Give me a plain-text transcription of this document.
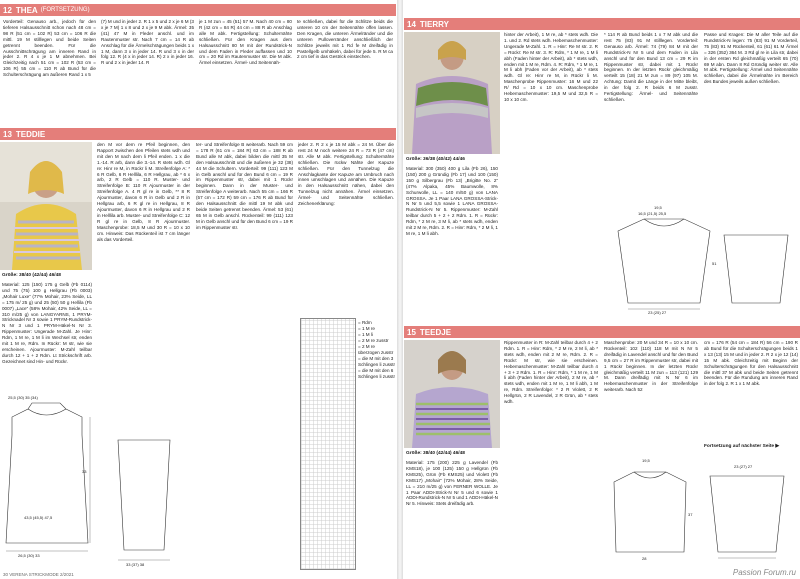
12 THEA (FORTSETZUNG)
Vorderteil: Genauso arb., jedoch für den tieferen Halsausschnitt schon nach 48 cm = 98 R (51 cm = 102 R) 53 cm = 106 R die mittl. 19 M stilllegen und beide Seiten getrennt beenden. Für die Ausschnittschrägung am inneren Rand in jeder 2. R 4 x je 1 M abnehmen. Bei Gleichzeitig nach 51 cm = 102 R (53 cm = 106 R) 55 cm = 110 R ab Bund für die Schulterschrägung am äußeren Rand 1 x 5
(7) M und in jeder 2. R 1 x 5 und 2 x je 6 M (3 x je 7 M) 1 x 8 und 2 x je 9 M abk. Ärmel: 35 (41) 47 M in Fleder anschl. und im Rautenmuster str. Nach 7 cm = 14 R ab Anschlag für die Ärmelschrägungen beids 1 x 1 M, dann 3 x in jeder 14. R und 3 x in der folg 12. R (4 x in jeder 14. R) 2 x in jeder 16. R und 2 x in jeder 14. R
je 1 M zun = 45 (51) 57 M. Nach 40 cm = 80 R (42 cm = 84 R) 44 cm = 88 R ab Anschlag alle M abk. Fertigstellung: Schulternähte schließen. Für den Kragen aus dem Halsausschnitt 80 M mit der Rundstrick-N und dem Faden in Fleder auffassen und 10 cm = 20 Rd im Rautenmuster str. Die M abk. Ärmel einsetzen. Ärmel- und Seitennäh-
te schließen, dabei für die Schlitze beids die unteren 10 cm der Seitennähte offen lassen. Den Kragen, die unteren Ärmelränder und die unteren Pulloverränder anschließlich der Schlitze jeweils mit 1 Rd fe M dreifädig in Pastellgelb umhäkeln, dabei für jede 5. R M ca 2 cm tief in das Gestrick einstechen.
13 TEDDIE
Größe: 38/40 (42/44) 46/48
Material: 125 (150) 175 g Gelb (Fb 0114) und 75 (75) 100 g Hellgrau (Fb 0003) „Mohair Luxe“ (77% Mohair, 23% Seide, LL = 175 m/ 25 g) und 25 (50) 50 g Hellila (Fb 0007) „Lace“ (58% Mohair, 42% Seide, LL = 310 m/25 g) von LANGYARNS, 1 PRYM-Stricknadel Nr 3 sowie 1 PRYM-Rundstrick-N Nr 3 und 1 PRYM-Häkel-N Nr 3. Rippenmuster: Ungerade M-Zahl. Je Hinr: Rdm, 1 M re, 1 M li im Wechsel str, enden mit 1 M re, Rdm. In Rückr: M str, wie sie erscheinen. Ajourmuster: M-Zahl teilbar durch 12 + 1 + 2 Rdm. Lt Strickschrift arb. Gezeichnet sind Hin- und Rückr.
den M vor dem re Pfeil beginnen, den Rapport zwischen den Pfeilen stets wdh und mit den M nach dem li Pfeil enden. 1 x die 1.-14. R arb, dann die 3.-14. R stets wdh. Gl re: Hinr re M, in Rückr li M. Streifenfolge A: * 6 R Gelb, 6 R Helllila, 6 R Hellgrau, ab * 6 x arb, 2 R Gelb = 110 R. Muster- und Streifenfolge B: 110 R Ajourmuster in der Streifenfolge A. 4 R gl re in Gelb, ** 8 R Ajourmuster, davon 6 R in Gelb und 2 R in Hellgrau arb, 6 R gl re in Hellgrau, 8 R Ajourmuster, davon 6 R in Hellgrau und 2 R in Helllila arb. Muster- und Streifenfolge C: 12 R gl re in Gelb, 8 R Ajourmuster. Maschenprobe: 18,5 M und 30 R = 10 x 10 cm. Hinweis: Das Rückenteil ist 7 cm länger als das Vorderteil.
ter- und Streifenfolge B weiterarb. Nach 59 cm = 178 R (61 cm = 184 R) 63 cm = 188 R ab Bund alle M abk, dabei bilden die mittl 35 M den Halsausschnitt und die äußeren je 32 (38) 44 M die Schultern. Vorderteil: 99 (111) 123 M in Gelb anschl und für den Bund 6 cm = 19 R im Rippenmuster str, dabei mit 1 Rückr beginnen. Dann in der Muster- und Streifenfolge A weiterarb. Nach 55 cm = 166 R (57 cm = 172 R) 59 cm = 176 R ab Bund für den Halsausschnitt die mittl 19 M abk und beide Seiten getrennt beenden. Ärmel: 53 (61) 65 M in Gelb anschl. Rückenteil: 99 (111) 123 M in Gelb anschl und für den Bund 6 cm = 19 R im Rippenmuster str.
jeder 2. R 2 x je 15 M abk = 24 M. Über die rest 24 M noch weitere 24 R = 73 R (47 cm) str. Alle M abk. Fertigstellung: Schulternähte schließen. Die rückw Nähte der Kapuze schließen. Für den Tunnelzug die Anschlagkante der Kapuze am Umbruch nach innen umschlagen und annähen. Die Kapuze in den Halsausschnitt nähen, dabei den Tunnelzug nicht annähen. Ärmel einsetzen. Ärmel- und Seitennähte schließen. Zeichenerklärung:
25,5 (30) 35 (34)
33
43,5 (45,5) 47,5
26,5 (30) 33
33 (37) 38
= Rdm
= 1 M re
= 1 M li
= 2 M re zusstr
= 2 M re überzogen zusstr
= die M mit den 3 Schlingen li zusstr
= die M mit den 6 Schlingen li zusstr
30 VERENA STRICKMODE 2/2021
14 TIERRY
Größe: 36/38 (40/42) 44/46
Material: 300 (350) 400 g Lila (Fb 26), 150 (150) 200 g Gründig (Fb 17) und 100 (150) 150 g Silbergrau (Fb 13) „Brigitte No. 2“ (47% Alpaka, 45% Baumwolle, 8% Schurwolle, LL = 140 m/50 g) von LANA GROSSA. Je 1 Paar LANA GROSSA-Strick-N Nr 5 und 5,5 sowie 1 LANA GROSSA-Rundstrick-N Nr 5. Rippenmuster: M-Zahl teilbar durch 5 + 2 + 2 Rdm. 1. R = Rückr: Rdm, * 2 M re, 3 M li, ab * stets wdh, enden mit 2 M re, Rdm. 2. R = Hinr: Rdm, * 2 M li, 1 M re, 1 M li abh.
hinter der Arbeit), 1 M re, ab * stets wdh. Die 1. und 2. Rd stets wdh. Hebemaschenmuster: Ungerade M-Zahl. 1. R = Hinr: Re M str. 2. R = Rückr: Re M str. 3. R: Rdm, * 1 M re, 1 M li abh (Faden hinter der Arbeit), ab * stets wdh, enden mit 1 M re, Rdm. 4. R: Rdm, * 1 M re, 1 M li abh (Faden vor der Arbeit), ab * stets wdh. Gl re: Hinr re M, in Rückr li M. Maschenprobe Rippenmuster: 16 M und 22 R/ Rd = 10 x 10 cm. Maschenprobe Hebemaschenmuster: 19,5 M und 32,5 R = 10 x 10 cm.
* 114 R ab Bund beids 1 x 7 M abk und die rest 75 (83) 91 M stilllegen. Vorderteil: Genauso arb. Ärmel: 74 (79) 84 M mit der Rundstrick-N Nr 5 und dem Faden in Lila anschl und für den Bund 13 cm = 29 R im Rippenmuster str, dabei mit 1 Rückr beginnen. In der letzten Rückr gleichmäßig verteilt 15 (18) 21 M zun = 89 (97) 105 M. Achtung: Damit die Länge in der Mitte bleibt, in der folg 2. R beids 6 M zusstr. Fertigstellung: Ärmel- und Seitennähte schließen.
Passe und Kragen: Die M aller Teile auf die Rundstrick-N legen: 75 (83) 91 M Vorderteil, 75 (83) 91 M Rückenteil, 61 (61) 61 M Ärmel = 326 (352) 364 M. 3 Rd gl re in Lila str, dabei in der ersten Rd gleichmäßig verteilt 65 (70) 69 M abn. Dann 8 Rd Gründig weiter str. Alle M abk. Fertigstellung: Ärmel und Seitennähte schließen, dabei die Ärmelnähte im Bereich des Bundes jeweils außen schließen.
19,5
16,5 (21,5) 25,5
51
23 (25) 27
15 TEEDJE
Größe: 38/40 (42/44) 46/48
Material: 175 (200) 225 g Lavendel (Fb KMS18), je 100 (125) 150 g Hellgrün (Fb KMS25), Grün (Fb KMS25) und Violett (Fb KMS17) „Mohair“ (72% Mohair, 28% Seide, LL = 210 m/25 g) von FERNER WOLLE. Je 1 Paar ADDI-Strick-N Nr 5 und 6 sowie 1 ADDI-Rundstrick-N Nr 5 und 1 ADDI-Häkel-N Nr 5. Hinweis: Stets dreifädig arb.
Rippenmuster in R: M-Zahl teilbar durch 4 + 2 Rdm. 1. R = Hinr: Rdm, * 2 M re, 2 M li, ab * stets wdh, enden mit 2 M re, Rdm. 2. R = Rückr: M str, wie sie erscheinen. Hebemaschenmuster: M-Zahl teilbar durch 4 + 3 + 2 Rdm. 1. R = Hinr: Rdm, * 1 M re, 1 M li abh (Faden hinter der Arbeit), 2 M re, ab * stets wdh, enden mit 1 M re, 1 M li abh, 1 M re, Rdm. Streifenfolge: * 2 R Violett, 2 R Hellgrün, 2 R Lavendel, 2 R Grün, ab * stets wdh.
Maschenprobe: 20 M und 34 R = 10 x 10 cm. Rückenteil: 102 (110) 118 M mit N Nr 5 dreifädig in Lavendel anschl und für den Bund 9,5 cm = 27 R im Rippenmuster str, dabei mit 1 Rückr beginnen. In der letzten Rückr gleichmäßig verteilt 11 M zun = 113 (121) 129 M. Dann dreifädig mit N Nr 6 im Hebemaschenmuster in der Streifenfolge weiterarb. Nach 52
cm = 176 R (54 cm = 184 R) 56 cm = 190 R ab Bund für die Schulterschrägungen beids 1 x 13 (13) 15 M und in jeder 2. R 2 x je 12 (14) 15 M abk. Gleichzeitig mit Beginn der Schulterschrägungen für den Halsausschnitt die mittl 37 M abk und beide Seiten getrennt beenden. Für die Rundung am inneren Rand in der folg 2. R 1 x 1 M abk.
Fortsetzung auf nächster Seite ▶
19,5
37
23 (27) 27
28
Passion Forum.ru
